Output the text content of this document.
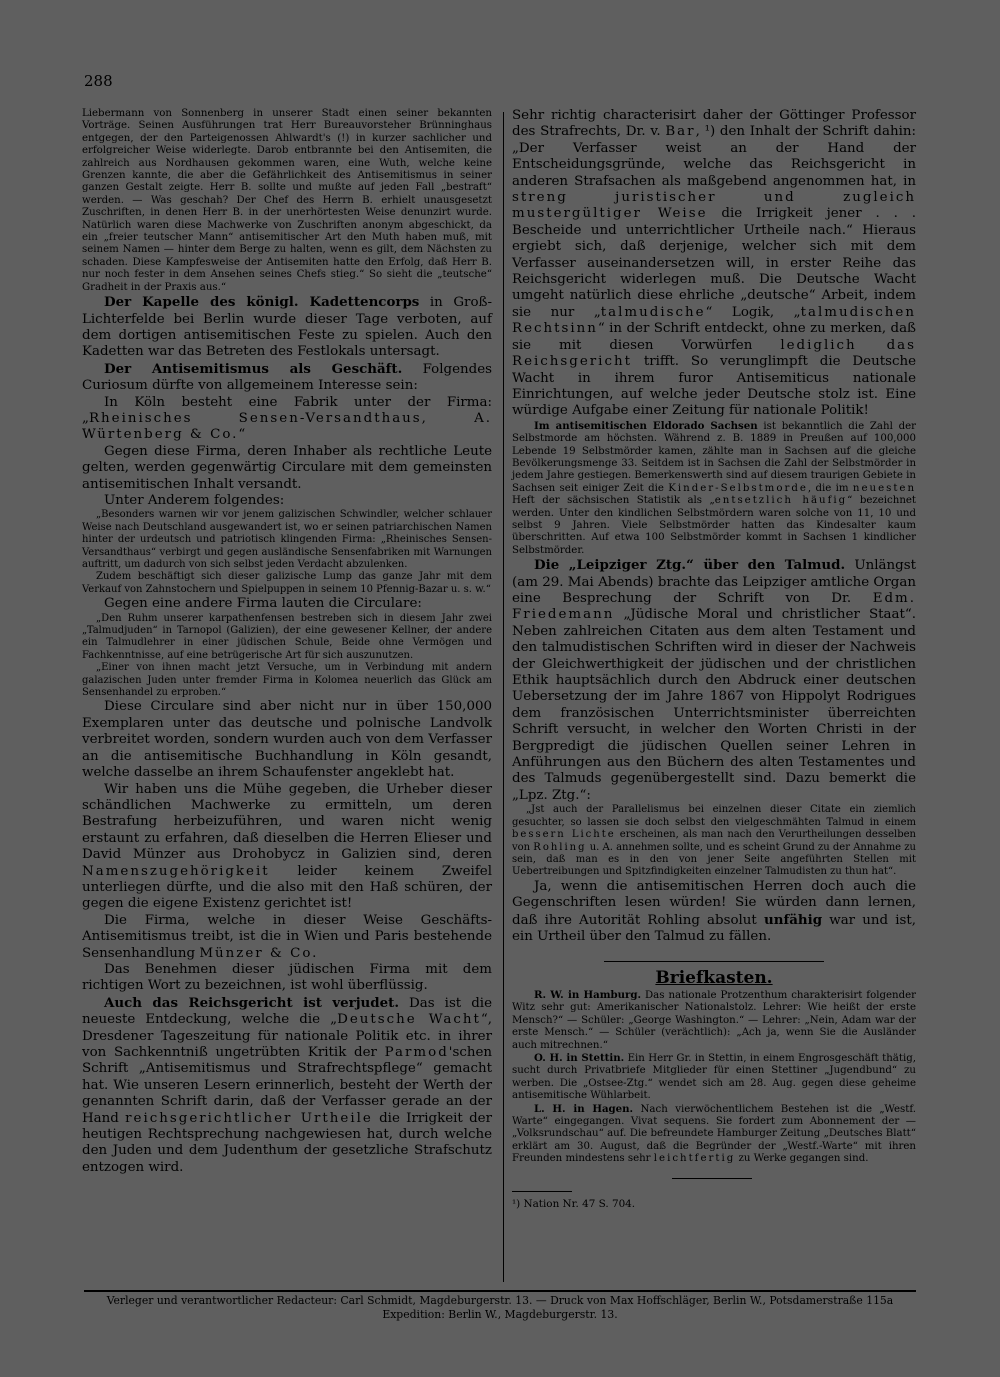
288

Liebermann von Sonnenberg in unserer Stadt einen seiner bekannten Vorträge. Seinen Ausführungen trat Herr Bureauvorsteher Brünninghaus entgegen, der den Parteigenossen Ahlwardt's (!) in kurzer sachlicher und erfolgreicher Weise widerlegte. Darob entbrannte bei den Antisemiten, die zahlreich aus Nordhausen gekommen waren, eine Wuth, welche keine Grenzen kannte, die aber die Gefährlichkeit des Antisemitismus in seiner ganzen Gestalt zeigte. Herr B. sollte und mußte auf jeden Fall „bestraft“ werden. — Was geschah? Der Chef des Herrn B. erhielt unausgesetzt Zuschriften, in denen Herr B. in der unerhörtesten Weise denunzirt wurde. Natürlich waren diese Machwerke von Zuschriften anonym abgeschickt, da ein „freier teutscher Mann“ antisemitischer Art den Muth haben muß, mit seinem Namen — hinter dem Berge zu halten, wenn es gilt, dem Nächsten zu schaden. Diese Kampfesweise der Antisemiten hatte den Erfolg, daß Herr B. nur noch fester in dem Ansehen seines Chefs stieg.“ So sieht die „teutsche“ Gradheit in der Praxis aus.“

Der Kapelle des königl. Kadettencorps in Groß-Lichterfelde bei Berlin wurde dieser Tage verboten, auf dem dortigen antisemitischen Feste zu spielen. Auch den Kadetten war das Betreten des Festlokals untersagt.

Der Antisemitismus als Geschäft. Folgendes Curiosum dürfte von allgemeinem Interesse sein:

In Köln besteht eine Fabrik unter der Firma: „Rheinisches Sensen-Versandthaus, A. Würtenberg & Co.“

Gegen diese Firma, deren Inhaber als rechtliche Leute gelten, werden gegenwärtig Circulare mit dem gemeinsten antisemitischen Inhalt versandt.

Unter Anderem folgendes:

„Besonders warnen wir vor jenem galizischen Schwindler, welcher schlauer Weise nach Deutschland ausgewandert ist, wo er seinen patriarchischen Namen hinter der urdeutsch und patriotisch klingenden Firma: „Rheinisches Sensen-Versandthaus“ verbirgt und gegen ausländische Sensenfabriken mit Warnungen auftritt, um dadurch von sich selbst jeden Verdacht abzulenken.

Zudem beschäftigt sich dieser galizische Lump das ganze Jahr mit dem Verkauf von Zahnstochern und Spielpuppen in seinem 10 Pfennig-Bazar u. s. w.“

Gegen eine andere Firma lauten die Circulare:

„Den Ruhm unserer karpathenfensen bestreben sich in diesem Jahr zwei „Talmudjuden“ in Tarnopol (Galizien), der eine gewesener Kellner, der andere ein Talmudlehrer in einer jüdischen Schule, Beide ohne Vermögen und Fachkenntnisse, auf eine betrügerische Art für sich auszunutzen.

„Einer von ihnen macht jetzt Versuche, um in Verbindung mit andern galazischen Juden unter fremder Firma in Kolomea neuerlich das Glück am Sensenhandel zu erproben.“

Diese Circulare sind aber nicht nur in über 150,000 Exemplaren unter das deutsche und polnische Landvolk verbreitet worden, sondern wurden auch von dem Verfasser an die antisemitische Buchhandlung in Köln gesandt, welche dasselbe an ihrem Schaufenster angeklebt hat.

Wir haben uns die Mühe gegeben, die Urheber dieser schändlichen Machwerke zu ermitteln, um deren Bestrafung herbeizuführen, und waren nicht wenig erstaunt zu erfahren, daß dieselben die Herren Elieser und David Münzer aus Drohobycz in Galizien sind, deren Namenszugehörigkeit leider keinem Zweifel unterliegen dürfte, und die also mit den Haß schüren, der gegen die eigene Existenz gerichtet ist!

Die Firma, welche in dieser Weise Geschäfts-Antisemitismus treibt, ist die in Wien und Paris bestehende Sensenhandlung Münzer & Co.

Das Benehmen dieser jüdischen Firma mit dem richtigen Wort zu bezeichnen, ist wohl überflüssig.

Auch das Reichsgericht ist verjudet. Das ist die neueste Entdeckung, welche die „Deutsche Wacht“, Dresdener Tageszeitung für nationale Politik etc. in ihrer von Sachkenntniß ungetrübten Kritik der Parmod'schen Schrift „Antisemitismus und Strafrechtspflege“ gemacht hat. Wie unseren Lesern erinnerlich, besteht der Werth der genannten Schrift darin, daß der Verfasser gerade an der Hand reichsgerichtlicher Urtheile die Irrigkeit der heutigen Rechtsprechung nachgewiesen hat, durch welche den Juden und dem Judenthum der gesetzliche Strafschutz entzogen wird.

Sehr richtig characterisirt daher der Göttinger Professor des Strafrechts, Dr. v. Bar, ¹) den Inhalt der Schrift dahin: „Der Verfasser weist an der Hand der Entscheidungsgründe, welche das Reichsgericht in anderen Strafsachen als maßgebend angenommen hat, in streng juristischer und zugleich mustergültiger Weise die Irrigkeit jener . . . Bescheide und unterrichtlicher Urtheile nach.“ Hieraus ergiebt sich, daß derjenige, welcher sich mit dem Verfasser auseinandersetzen will, in erster Reihe das Reichsgericht widerlegen muß. Die Deutsche Wacht umgeht natürlich diese ehrliche „deutsche“ Arbeit, indem sie nur „talmudische“ Logik, „talmudischen Rechtsinn“ in der Schrift entdeckt, ohne zu merken, daß sie mit diesen Vorwürfen lediglich das Reichsgericht trifft. So verunglimpft die Deutsche Wacht in ihrem furor Antisemiticus nationale Einrichtungen, auf welche jeder Deutsche stolz ist. Eine würdige Aufgabe einer Zeitung für nationale Politik!

Im antisemitischen Eldorado Sachsen ist bekanntlich die Zahl der Selbstmorde am höchsten. Während z. B. 1889 in Preußen auf 100,000 Lebende 19 Selbstmörder kamen, zählte man in Sachsen auf die gleiche Bevölkerungsmenge 33. Seitdem ist in Sachsen die Zahl der Selbstmörder in jedem Jahre gestiegen. Bemerkenswerth sind auf diesem traurigen Gebiete in Sachsen seit einiger Zeit die Kinder-Selbstmorde, die im neuesten Heft der sächsischen Statistik als „entsetzlich häufig“ bezeichnet werden. Unter den kindlichen Selbstmördern waren solche von 11, 10 und selbst 9 Jahren. Viele Selbstmörder hatten das Kindesalter kaum überschritten. Auf etwa 100 Selbstmörder kommt in Sachsen 1 kindlicher Selbstmörder.

Die „Leipziger Ztg.“ über den Talmud. Unlängst (am 29. Mai Abends) brachte das Leipziger amtliche Organ eine Besprechung der Schrift von Dr. Edm. Friedemann „Jüdische Moral und christlicher Staat“. Neben zahlreichen Citaten aus dem alten Testament und den talmudistischen Schriften wird in dieser der Nachweis der Gleichwerthigkeit der jüdischen und der christlichen Ethik hauptsächlich durch den Abdruck einer deutschen Uebersetzung der im Jahre 1867 von Hippolyt Rodrigues dem französischen Unterrichtsminister überreichten Schrift versucht, in welcher den Worten Christi in der Bergpredigt die jüdischen Quellen seiner Lehren in Anführungen aus den Büchern des alten Testamentes und des Talmuds gegenübergestellt sind. Dazu bemerkt die „Lpz. Ztg.“:

„Jst auch der Parallelismus bei einzelnen dieser Citate ein ziemlich gesuchter, so lassen sie doch selbst den vielgeschmähten Talmud in einem bessern Lichte erscheinen, als man nach den Verurtheilungen desselben von Rohling u. A. annehmen sollte, und es scheint Grund zu der Annahme zu sein, daß man es in den von jener Seite angeführten Stellen mit Uebertreibungen und Spitzfindigkeiten einzelner Talmudisten zu thun hat“.

Ja, wenn die antisemitischen Herren doch auch die Gegenschriften lesen würden! Sie würden dann lernen, daß ihre Autorität Rohling absolut unfähig war und ist, ein Urtheil über den Talmud zu fällen.

Briefkasten.

R. W. in Hamburg. Das nationale Protzenthum charakterisirt folgender Witz sehr gut: Amerikanischer Nationalstolz. Lehrer: Wie heißt der erste Mensch?“ — Schüler: „George Washington.“ — Lehrer: „Nein, Adam war der erste Mensch.“ — Schüler (verächtlich): „Ach ja, wenn Sie die Ausländer auch mitrechnen.“

O. H. in Stettin. Ein Herr Gr. in Stettin, in einem Engrosgeschäft thätig, sucht durch Privatbriefe Mitglieder für einen Stettiner „Jugendbund“ zu werben. Die „Ostsee-Ztg.“ wendet sich am 28. Aug. gegen diese geheime antisemitische Wühlarbeit.

L. H. in Hagen. Nach vierwöchentlichem Bestehen ist die „Westf. Warte“ eingegangen. Vivat sequens. Sie fordert zum Abonnement der — „Volksrundschau“ auf. Die befreundete Hamburger Zeitung „Deutsches Blatt“ erklärt am 30. August, daß die Begründer der „Westf.-Warte“ mit ihren Freunden mindestens sehr leichtfertig zu Werke gegangen sind.

¹) Nation Nr. 47 S. 704.
Verleger und verantwortlicher Redacteur: Carl Schmidt, Magdeburgerstr. 13. — Druck von Max Hoffschläger, Berlin W., Potsdamerstraße 115a
Expedition: Berlin W., Magdeburgerstr. 13.
